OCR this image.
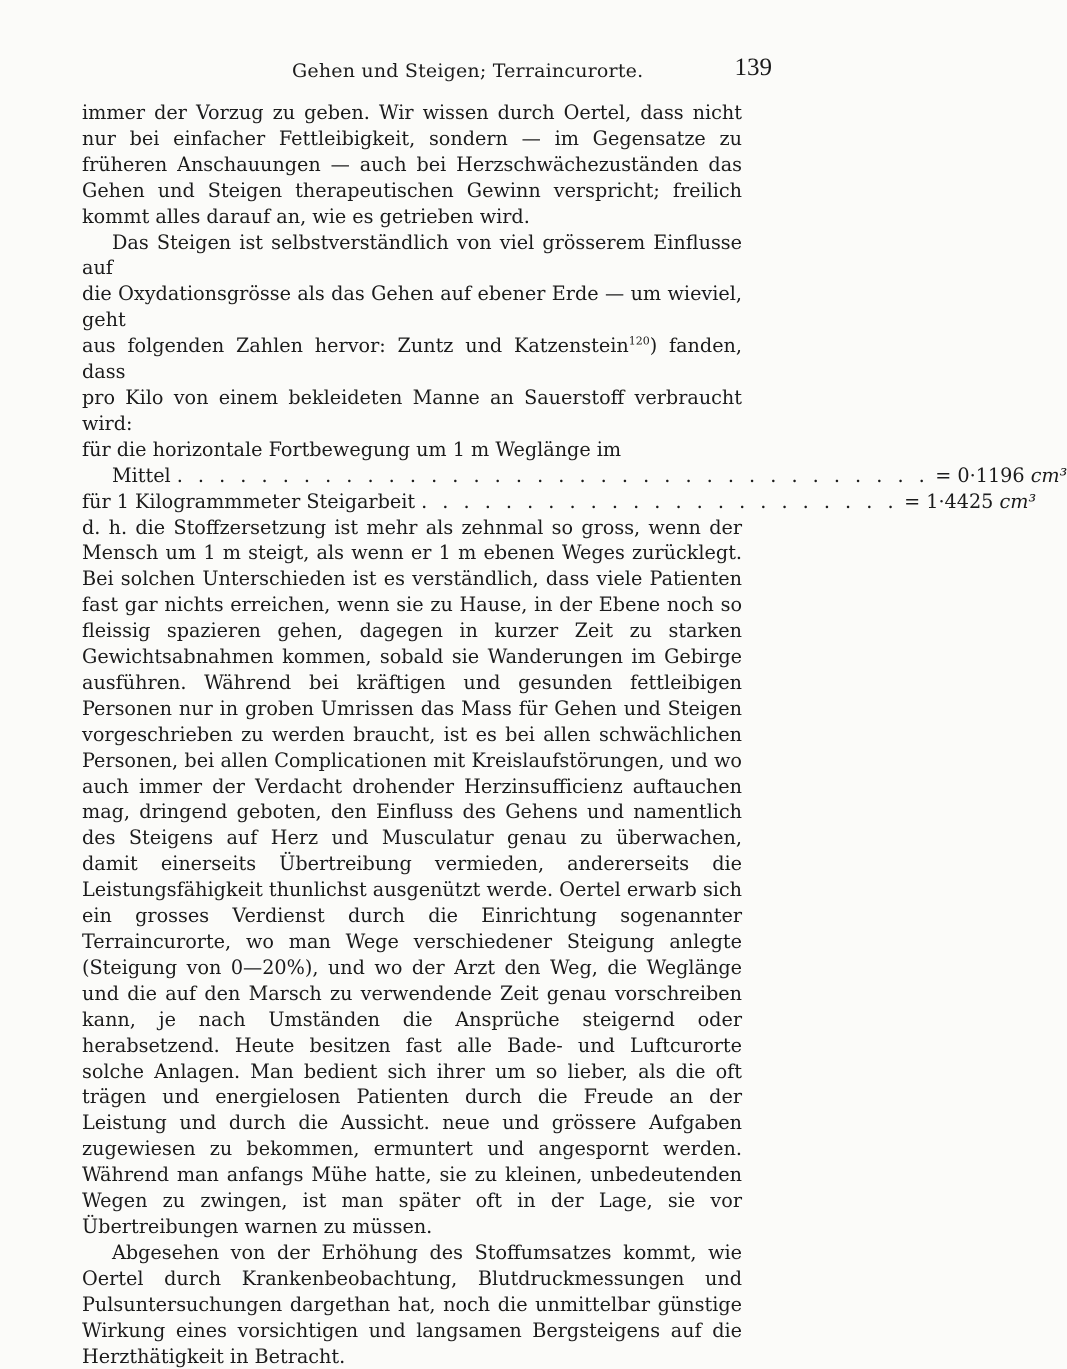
Gehen und Steigen; Terraincurorte.	139

immer der Vorzug zu geben. Wir wissen durch Oertel, dass nicht nur bei einfacher Fettleibigkeit, sondern — im Gegensatze zu früheren Anschauungen — auch bei Herzschwächezuständen das Gehen und Steigen therapeutischen Gewinn verspricht; freilich kommt alles darauf an, wie es getrieben wird.

Das Steigen ist selbstverständlich von viel grösserem Einflusse auf
die Oxydationsgrösse als das Gehen auf ebener Erde — um wieviel, geht
aus folgenden Zahlen hervor: Zuntz und Katzenstein$^{120}$) fanden, dass
pro Kilo von einem bekleideten Manne an Sauerstoff verbraucht wird:
für die horizontale Fortbewegung um 1 m Weglänge im
Mittel . . . . . . . . . . . . . . . . . . . . . . . . . . . . . . . . . . . . = 0·1196 cm³
für 1 Kilogrammmeter Steigarbeit . . . . . . . . . . . . . . . . . . . . . . . = 1·4425 cm³

d. h. die Stoffzersetzung ist mehr als zehnmal so gross, wenn der Mensch um 1 m steigt, als wenn er 1 m ebenen Weges zurücklegt. Bei solchen Unterschieden ist es verständlich, dass viele Patienten fast gar nichts erreichen, wenn sie zu Hause, in der Ebene noch so fleissig spazieren gehen, dagegen in kurzer Zeit zu starken Gewichtsabnahmen kommen, sobald sie Wanderungen im Gebirge ausführen. Während bei kräftigen und gesunden fettleibigen Personen nur in groben Umrissen das Mass für Gehen und Steigen vorgeschrieben zu werden braucht, ist es bei allen schwächlichen Personen, bei allen Complicationen mit Kreislaufstörungen, und wo auch immer der Verdacht drohender Herzinsufficienz auftauchen mag, dringend geboten, den Einfluss des Gehens und namentlich des Steigens auf Herz und Musculatur genau zu überwachen, damit einerseits Übertreibung vermieden, andererseits die Leistungsfähigkeit thunlichst ausgenützt werde. Oertel erwarb sich ein grosses Verdienst durch die Einrichtung sogenannter Terraincurorte, wo man Wege verschiedener Steigung anlegte (Steigung von 0—20%), und wo der Arzt den Weg, die Weglänge und die auf den Marsch zu verwendende Zeit genau vorschreiben kann, je nach Umständen die Ansprüche steigernd oder herabsetzend. Heute besitzen fast alle Bade- und Luftcurorte solche Anlagen. Man bedient sich ihrer um so lieber, als die oft trägen und energielosen Patienten durch die Freude an der Leistung und durch die Aussicht. neue und grössere Aufgaben zugewiesen zu bekommen, ermuntert und angespornt werden. Während man anfangs Mühe hatte, sie zu kleinen, unbedeutenden Wegen zu zwingen, ist man später oft in der Lage, sie vor Übertreibungen warnen zu müssen.

Abgesehen von der Erhöhung des Stoffumsatzes kommt, wie Oertel durch Krankenbeobachtung, Blutdruckmessungen und Pulsuntersuchungen dargethan hat, noch die unmittelbar günstige Wirkung eines vorsichtigen und langsamen Bergsteigens auf die Herzthätigkeit in Betracht.
